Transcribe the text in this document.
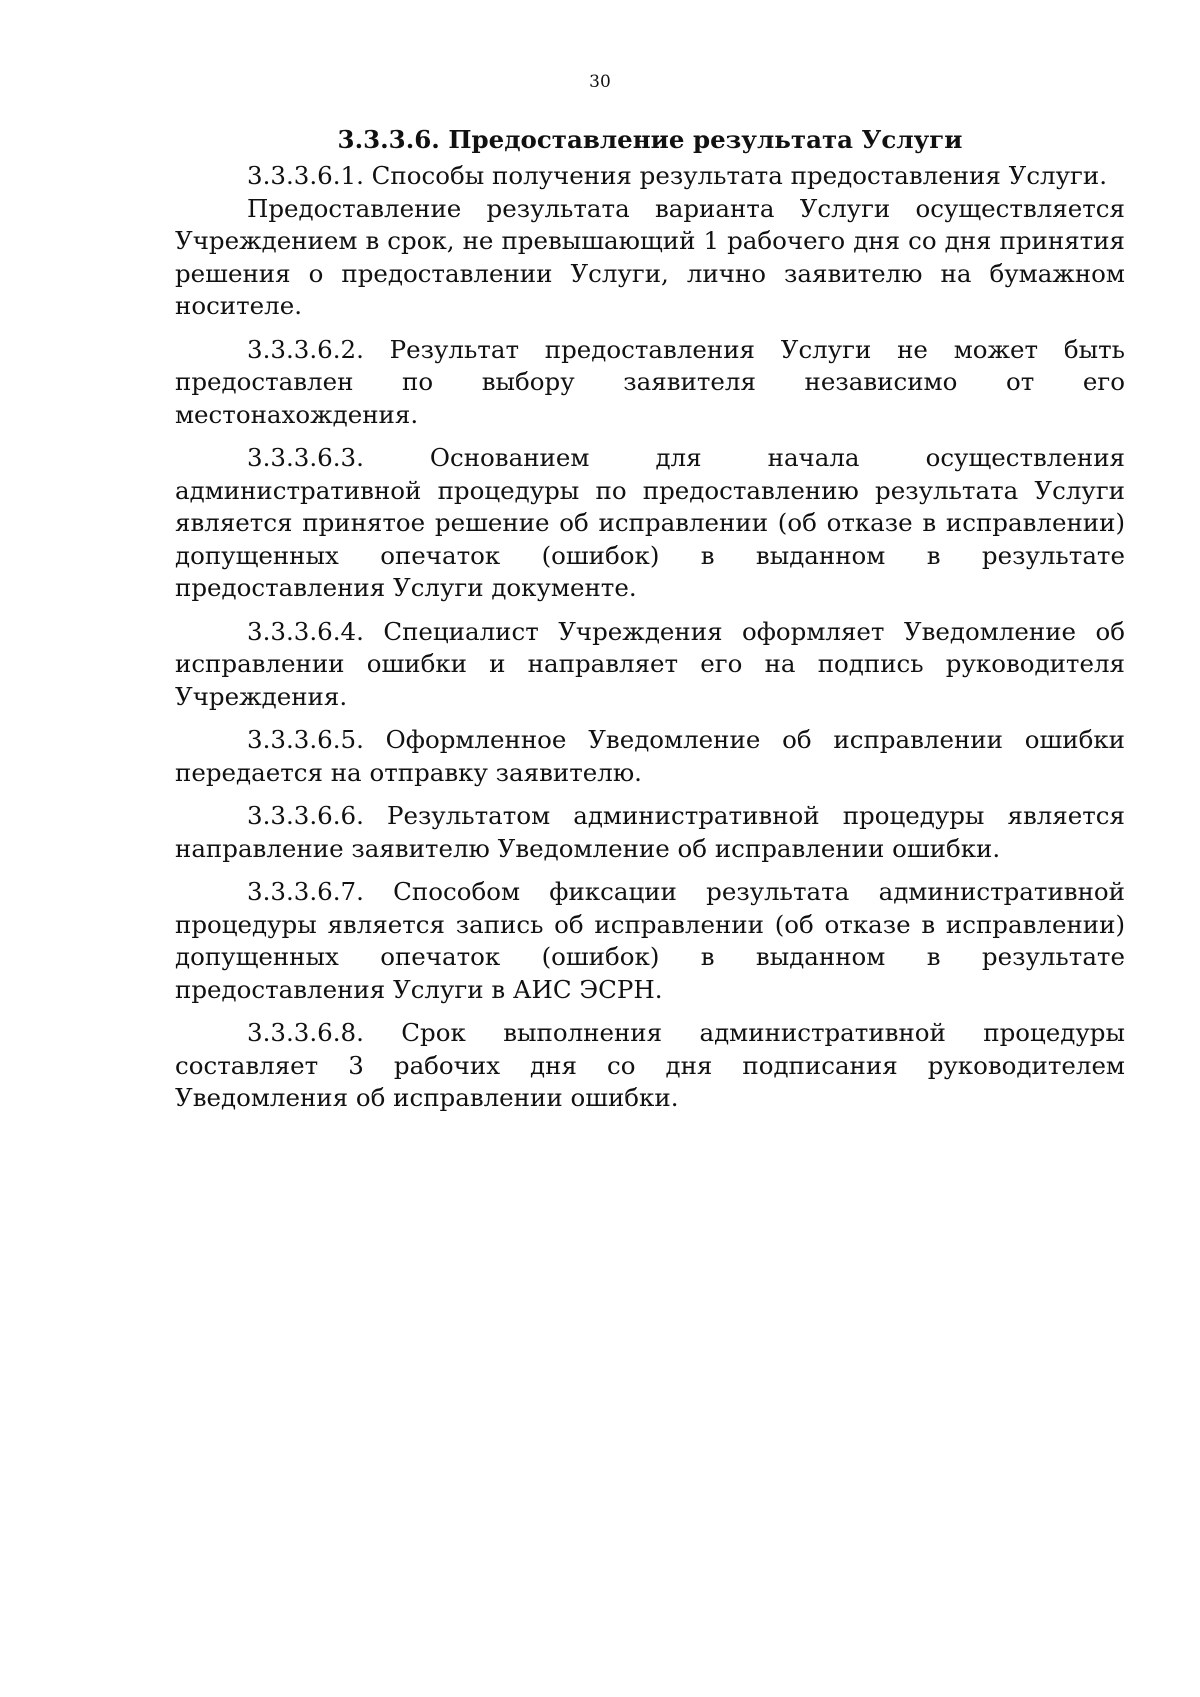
30
3.3.3.6. Предоставление результата Услуги

3.3.3.6.1. Способы получения результата предоставления Услуги.

Предоставление результата варианта Услуги осуществляется Учреждением в срок, не превышающий 1 рабочего дня со дня принятия решения о предоставлении Услуги, лично заявителю на бумажном носителе.

3.3.3.6.2. Результат предоставления Услуги не может быть предоставлен по выбору заявителя независимо от его местонахождения.

3.3.3.6.3. Основанием для начала осуществления административной процедуры по предоставлению результата Услуги является принятое решение об исправлении (об отказе в исправлении) допущенных опечаток (ошибок) в выданном в результате предоставления Услуги документе.

3.3.3.6.4. Специалист Учреждения оформляет Уведомление об исправлении ошибки и направляет его на подпись руководителя Учреждения.

3.3.3.6.5. Оформленное Уведомление об исправлении ошибки передается на отправку заявителю.

3.3.3.6.6. Результатом административной процедуры является направление заявителю Уведомление об исправлении ошибки.

3.3.3.6.7. Способом фиксации результата административной процедуры является запись об исправлении (об отказе в исправлении) допущенных опечаток (ошибок) в выданном в результате предоставления Услуги в АИС ЭСРН.

3.3.3.6.8. Срок выполнения административной процедуры составляет 3 рабочих дня со дня подписания руководителем Уведомления об исправлении ошибки.
